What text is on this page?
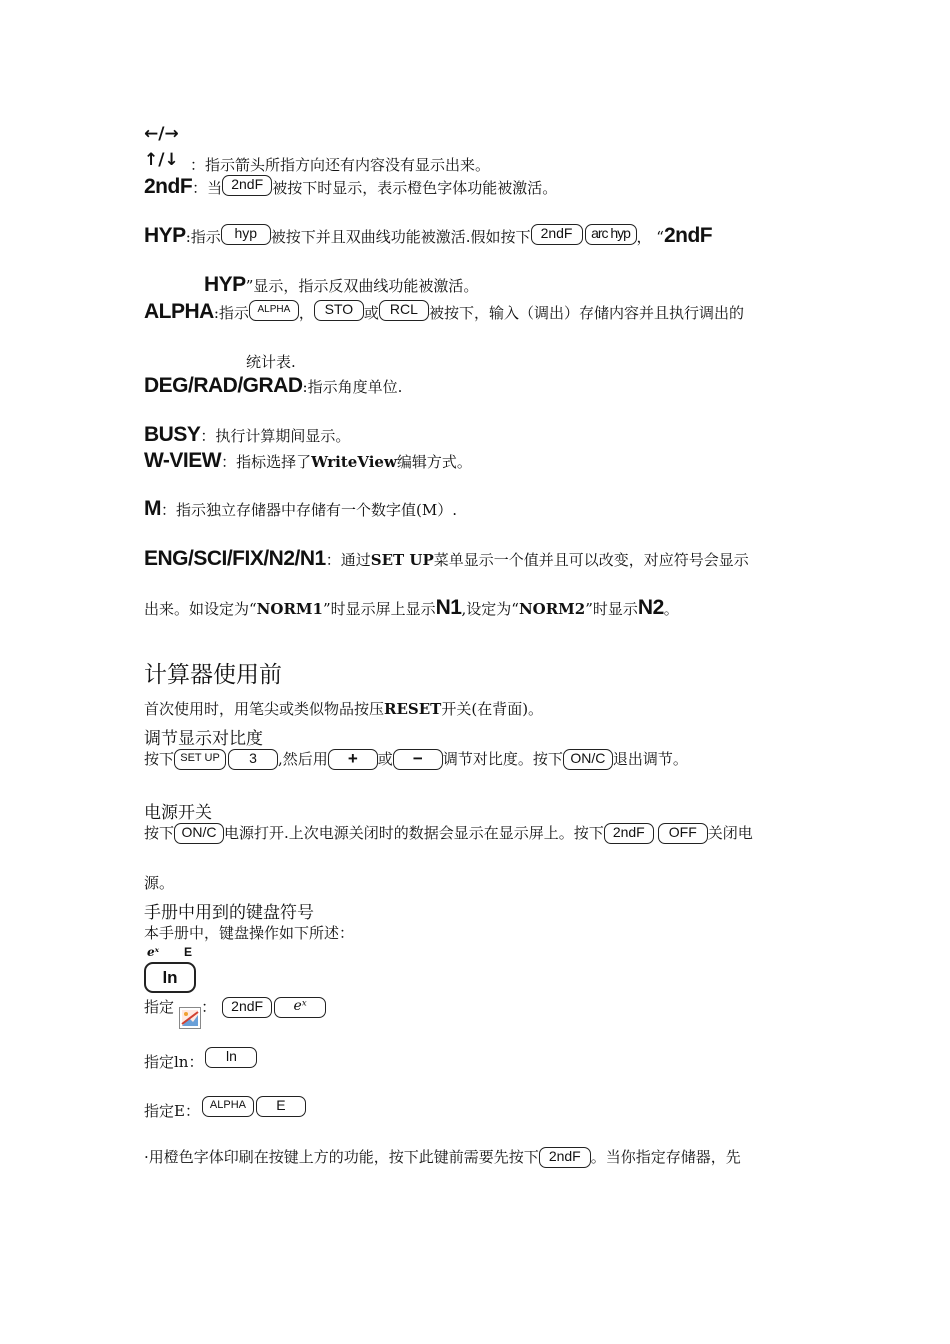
←/→
↑/↓ ：指示箭头所指方向还有内容没有显示出来。
2ndF：当 2ndF 被按下时显示，表示橙色字体功能被激活。
HYP:指示 hyp 被按下并且双曲线功能被激活.假如按下 2ndF arc hyp ， “2ndF
HYP”显示，指示反双曲线功能被激活。
ALPHA:指示 ALPHA ， STO 或 RCL 被按下，输入（调出）存储内容并且执行调出的
统计表.
DEG/RAD/GRAD:指示角度单位.
BUSY：执行计算期间显示。
W-VIEW：指标选择了WriteView编辑方式。
M：指示独立存储器中存储有一个数字值(M）.
ENG/SCI/FIX/N2/N1：通过SET UP菜单显示一个值并且可以改变，对应符号会显示
出来。如设定为“NORM1”时显示屏上显示N1,设定为“NORM2”时显示N2。
计算器使用前
首次使用时，用笔尖或类似物品按压RESET开关(在背面)。
调节显示对比度
按下 SET UP 3 ,然后用 + 或 − 调节对比度。按下 ON/C 退出调节。
电源开关
按下 ON/C 电源打开.上次电源关闭时的数据会显示在显示屏上。按下 2ndF OFF 关闭电
源。
手册中用到的键盘符号
本手册中，键盘操作如下所述：
eˣ E
ln
指定 ： 2ndF eˣ
指定ln： ln
指定E： ALPHA E
·用橙色字体印刷在按键上方的功能，按下此键前需要先按下 2ndF 。当你指定存储器，先
